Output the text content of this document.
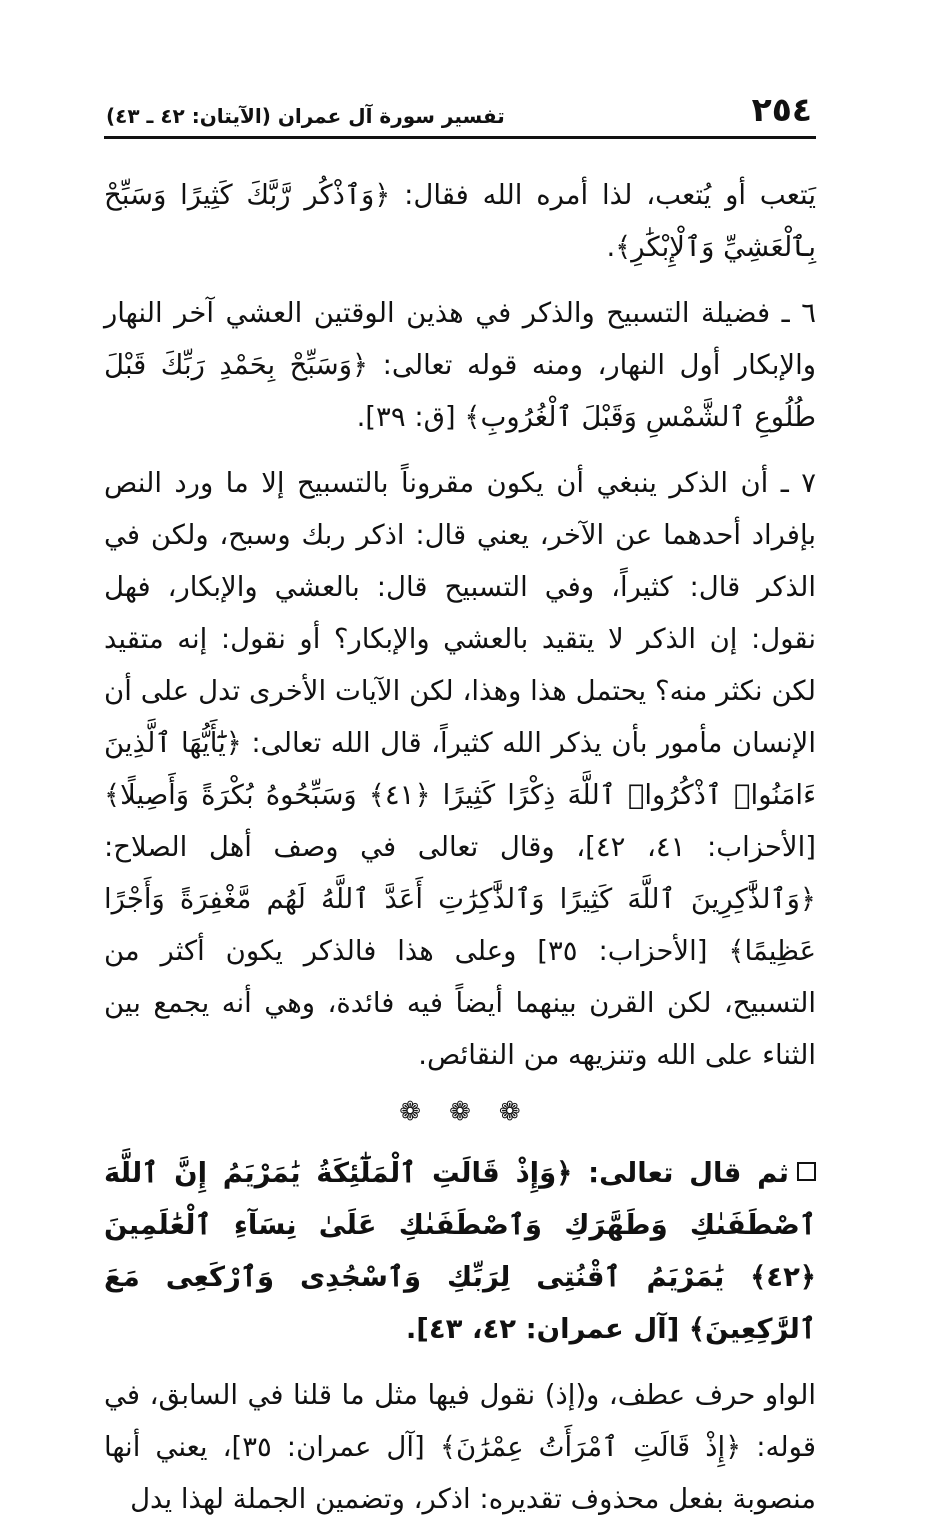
٢٥٤
تفسير سورة آل عمران (الآيتان: ٤٢ ـ ٤٣)

يَتعب أو يُتعب، لذا أمره الله فقال: ﴿وَٱذْكُر رَّبَّكَ كَثِيرًا وَسَبِّحْ بِٱلْعَشِيِّ وَٱلْإِبْكَٰرِ﴾.

٦ ـ فضيلة التسبيح والذكر في هذين الوقتين العشي آخر النهار والإبكار أول النهار، ومنه قوله تعالى: ﴿وَسَبِّحْ بِحَمْدِ رَبِّكَ قَبْلَ طُلُوعِ ٱلشَّمْسِ وَقَبْلَ ٱلْغُرُوبِ﴾ [ق: ٣٩].

٧ ـ أن الذكر ينبغي أن يكون مقروناً بالتسبيح إلا ما ورد النص بإفراد أحدهما عن الآخر، يعني قال: اذكر ربك وسبح، ولكن في الذكر قال: كثيراً، وفي التسبيح قال: بالعشي والإبكار، فهل نقول: إن الذكر لا يتقيد بالعشي والإبكار؟ أو نقول: إنه متقيد لكن نكثر منه؟ يحتمل هذا وهذا، لكن الآيات الأخرى تدل على أن الإنسان مأمور بأن يذكر الله كثيراً، قال الله تعالى: ﴿يَٰٓأَيُّهَا ٱلَّذِينَ ءَامَنُوا۟ ٱذْكُرُوا۟ ٱللَّهَ ذِكْرًا كَثِيرًا ﴿٤١﴾ وَسَبِّحُوهُ بُكْرَةً وَأَصِيلًا﴾ [الأحزاب: ٤١، ٤٢]، وقال تعالى في وصف أهل الصلاح: ﴿وَٱلذَّٰكِرِينَ ٱللَّهَ كَثِيرًا وَٱلذَّٰكِرَٰتِ أَعَدَّ ٱللَّهُ لَهُم مَّغْفِرَةً وَأَجْرًا عَظِيمًا﴾ [الأحزاب: ٣٥] وعلى هذا فالذكر يكون أكثر من التسبيح، لكن القرن بينهما أيضاً فيه فائدة، وهي أنه يجمع بين الثناء على الله وتنزيهه من النقائص.

❁ ❁ ❁

ثم قال تعالى: ﴿وَإِذْ قَالَتِ ٱلْمَلَٰٓئِكَةُ يَٰمَرْيَمُ إِنَّ ٱللَّهَ ٱصْطَفَىٰكِ وَطَهَّرَكِ وَٱصْطَفَىٰكِ عَلَىٰ نِسَآءِ ٱلْعَٰلَمِينَ ﴿٤٢﴾ يَٰمَرْيَمُ ٱقْنُتِى لِرَبِّكِ وَٱسْجُدِى وَٱرْكَعِى مَعَ ٱلرَّٰكِعِينَ﴾ [آل عمران: ٤٢، ٤٣].

الواو حرف عطف، و(إذ) نقول فيها مثل ما قلنا في السابق، في قوله: ﴿إِذْ قَالَتِ ٱمْرَأَتُ عِمْرَٰنَ﴾ [آل عمران: ٣٥]، يعني أنها منصوبة بفعل محذوف تقديره: اذكر، وتضمين الجملة لهذا يدل
